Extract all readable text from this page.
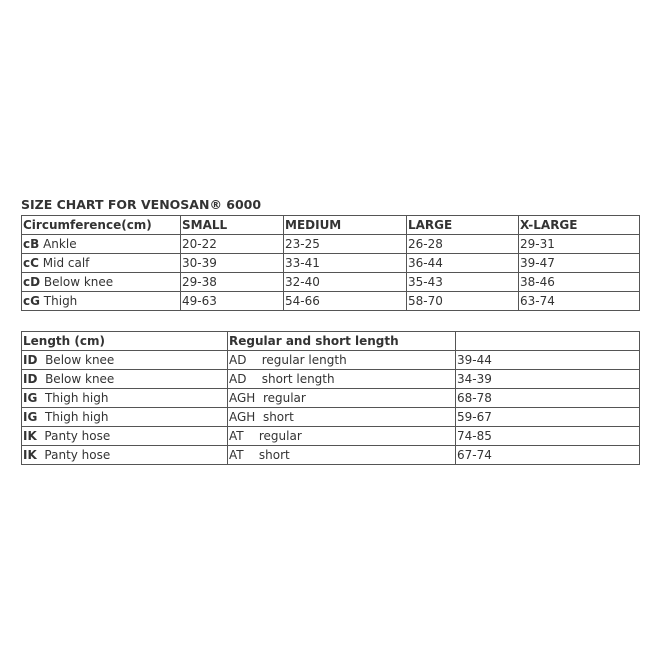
SIZE CHART FOR VENOSAN® 6000
Circumference(cm)	SMALL	MEDIUM	LARGE	X-LARGE
cB Ankle	20-22	23-25	26-28	29-31
cC Mid calf	30-39	33-41	36-44	39-47
cD Below knee	29-38	32-40	35-43	38-46
cG Thigh	49-63	54-66	58-70	63-74
Length (cm)	Regular and short length	
ID Below knee	AD    regular length	39-44
ID Below knee	AD    short length	34-39
IG Thigh high	AGH  regular	68-78
IG Thigh high	AGH  short	59-67
IK Panty hose	AT    regular	74-85
IK Panty hose	AT    short	67-74
